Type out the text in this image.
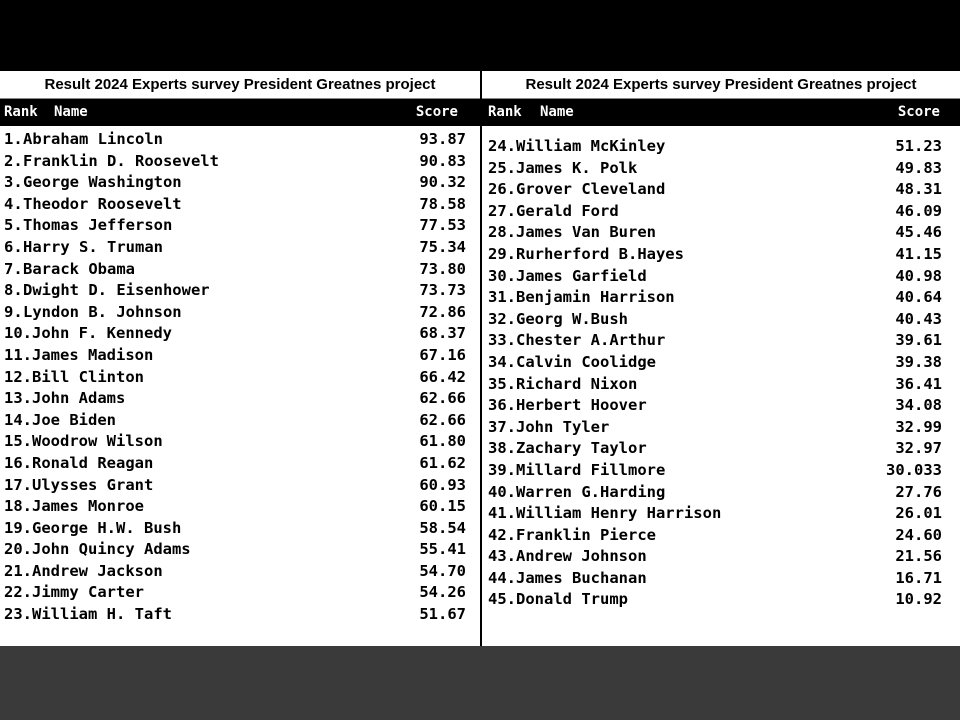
Result 2024 Experts survey President Greatnes project
Rank Name	Score
1. Abraham Lincoln	93.87
2. Franklin D. Roosevelt	90.83
3. George Washington	90.32
4. Theodor Roosevelt	78.58
5. Thomas Jefferson	77.53
6. Harry S. Truman	75.34
7. Barack Obama	73.80
8. Dwight D. Eisenhower	73.73
9. Lyndon B. Johnson	72.86
10. John F. Kennedy	68.37
11. James Madison	67.16
12. Bill Clinton	66.42
13. John Adams	62.66
14. Joe Biden	62.66
15. Woodrow Wilson	61.80
16. Ronald Reagan	61.62
17. Ulysses Grant	60.93
18. James Monroe	60.15
19. George H.W. Bush	58.54
20. John Quincy Adams	55.41
21. Andrew Jackson	54.70
22. Jimmy Carter	54.26
23. William H. Taft	51.67
Result 2024 Experts survey President Greatnes project
Rank Name	Score
24. William McKinley	51.23
25. James K. Polk	49.83
26. Grover Cleveland	48.31
27. Gerald Ford	46.09
28. James Van Buren	45.46
29. Rurherford B.Hayes	41.15
30. James Garfield	40.98
31. Benjamin Harrison	40.64
32. Georg W.Bush	40.43
33. Chester A.Arthur	39.61
34. Calvin Coolidge	39.38
35. Richard Nixon	36.41
36. Herbert Hoover	34.08
37. John Tyler	32.99
38. Zachary Taylor	32.97
39. Millard Fillmore	30.033
40. Warren G.Harding	27.76
41. William Henry Harrison	26.01
42. Franklin Pierce	24.60
43. Andrew Johnson	21.56
44. James Buchanan	16.71
45. Donald Trump	10.92
